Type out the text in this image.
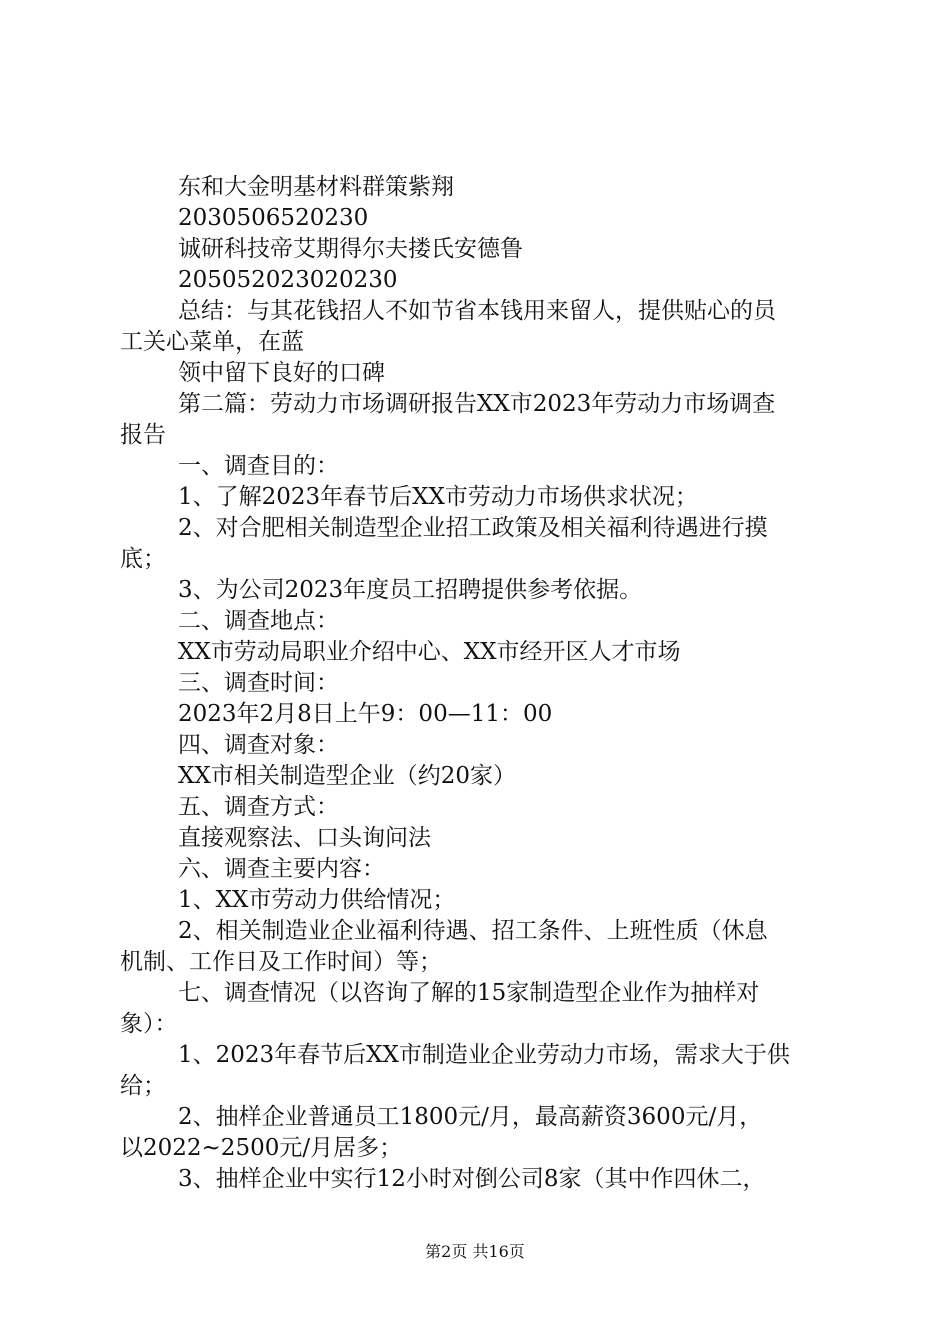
东和大金明基材料群策紫翔
2030506520230
诚研科技帝艾期得尔夫搂氏安德鲁
205052023020230
总结：与其花钱招人不如节省本钱用来留人，提供贴心的员
工关心菜单，在蓝
领中留下良好的口碑
第二篇：劳动力市场调研报告XX市2023年劳动力市场调查
报告
一、调查目的：
1、了解2023年春节后XX市劳动力市场供求状况；
2、对合肥相关制造型企业招工政策及相关福利待遇进行摸
底；
3、为公司2023年度员工招聘提供参考依据。
二、调查地点：
XX市劳动局职业介绍中心、XX市经开区人才市场
三、调查时间：
2023年2月8日上午9：00—11：00
四、调查对象：
XX市相关制造型企业（约20家）
五、调查方式：
直接观察法、口头询问法
六、调查主要内容：
1、XX市劳动力供给情况；
2、相关制造业企业福利待遇、招工条件、上班性质（休息
机制、工作日及工作时间）等；
七、调查情况（以咨询了解的15家制造型企业作为抽样对
象）：
1、2023年春节后XX市制造业企业劳动力市场，需求大于供
给；
2、抽样企业普通员工1800元/月，最高薪资3600元/月，
以2022~2500元/月居多；
3、抽样企业中实行12小时对倒公司8家（其中作四休二，
第2页 共16页
